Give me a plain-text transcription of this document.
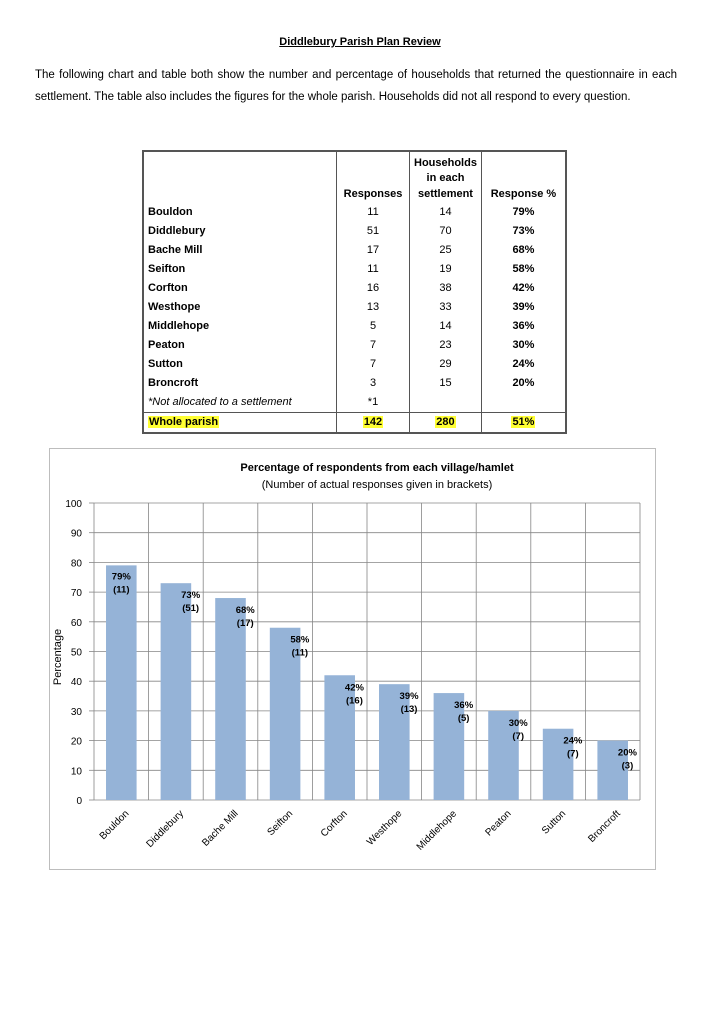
Diddlebury Parish Plan Review
The following chart and table both show the number and percentage of households that returned the questionnaire in each settlement. The table also includes the figures for the whole parish. Households did not all respond to every question.
	Responses	Households in each settlement	Response %
Bouldon	11	14	79%
Diddlebury	51	70	73%
Bache Mill	17	25	68%
Seifton	11	19	58%
Corfton	16	38	42%
Westhope	13	33	39%
Middlehope	5	14	36%
Peaton	7	23	30%
Sutton	7	29	24%
Broncroft	3	15	20%
*Not allocated to a settlement	*1		
Whole parish	142	280	51%
Percentage of respondents from each village/hamlet
(Number of actual responses given in brackets)
Percentage
0
10
20
30
40
50
60
70
80
90
100
79%
(11)
73%
(51)	68%
(17)
58%
(11)
42%
(16)	39%
(13)	36%
(5)	30%
(7)	24%
(7)	20%
(3)
Bouldon Diddlebury Bache Mill Seifton Corfton Westhope Middlehope Peaton	Sutton Broncroft
